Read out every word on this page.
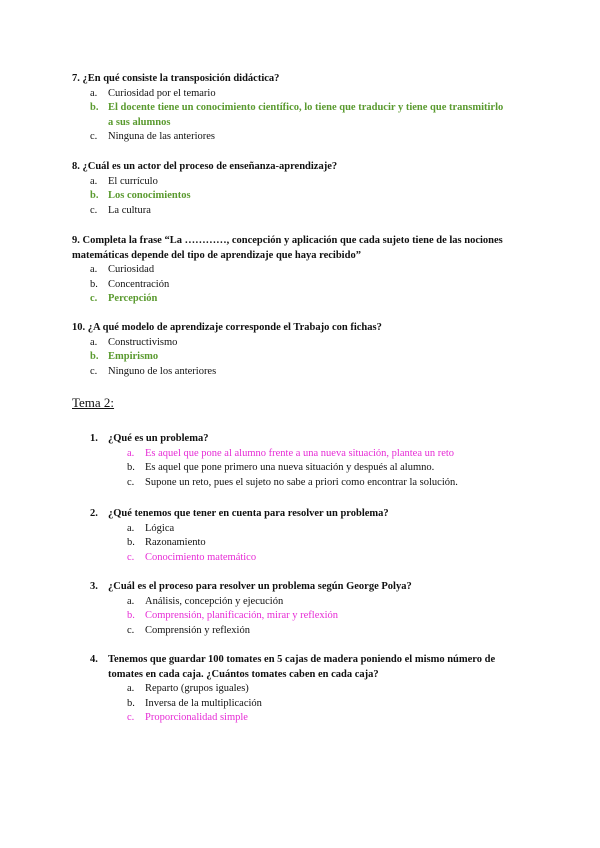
7. ¿En qué consiste la transposición didáctica?

a. Curiosidad por el temario

b. El docente tiene un conocimiento científico, lo tiene que traducir y tiene que transmitirlo

a sus alumnos

c. Ninguna de las anteriores

8. ¿Cuál es un actor del proceso de enseñanza-aprendizaje?

a. El currículo

b. Los conocimientos

c. La cultura

9. Completa la frase “La …………, concepción y aplicación que cada sujeto tiene de las nociones

matemáticas depende del tipo de aprendizaje que haya recibido”

a. Curiosidad

b. Concentración

c. Percepción

10. ¿A qué modelo de aprendizaje corresponde el Trabajo con fichas?

a. Constructivismo

b. Empirismo

c. Ninguno de los anteriores

Tema 2:

1. ¿Qué es un problema?

a. Es aquel que pone al alumno frente a una nueva situación, plantea un reto

b. Es aquel que pone primero una nueva situación y después al alumno.

c. Supone un reto, pues el sujeto no sabe a priori como encontrar la solución.

2. ¿Qué tenemos que tener en cuenta para resolver un problema?

a. Lógica

b. Razonamiento

c. Conocimiento matemático

3. ¿Cuál es el proceso para resolver un problema según George Polya?

a. Análisis, concepción y ejecución

b. Comprensión, planificación, mirar y reflexión

c. Comprensión y reflexión

4. Tenemos que guardar 100 tomates en 5 cajas de madera poniendo el mismo número de

tomates en cada caja. ¿Cuántos tomates caben en cada caja?

a. Reparto (grupos iguales)

b. Inversa de la multiplicación

c. Proporcionalidad simple
